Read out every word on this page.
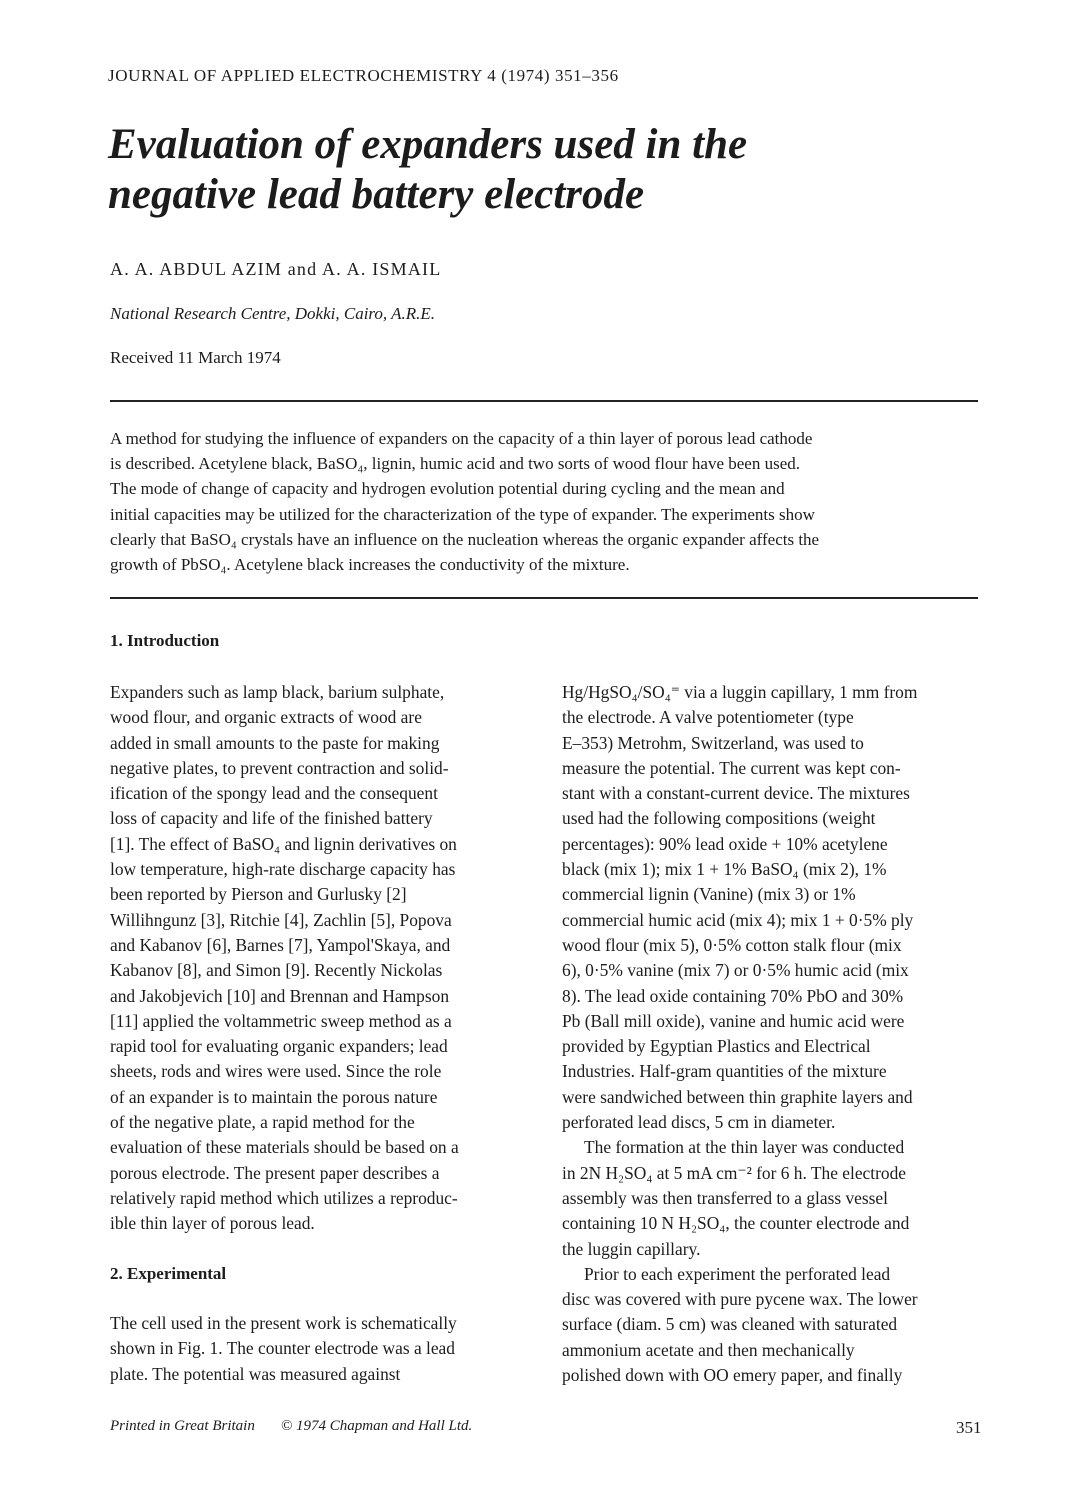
JOURNAL OF APPLIED ELECTROCHEMISTRY 4 (1974) 351–356
Evaluation of expanders used in the
negative lead battery electrode
A. A. ABDUL AZIM and A. A. ISMAIL
National Research Centre, Dokki, Cairo, A.R.E.
Received 11 March 1974
A method for studying the influence of expanders on the capacity of a thin layer of porous lead cathode
is described. Acetylene black, BaSO₄, lignin, humic acid and two sorts of wood flour have been used.
The mode of change of capacity and hydrogen evolution potential during cycling and the mean and
initial capacities may be utilized for the characterization of the type of expander. The experiments show
clearly that BaSO₄ crystals have an influence on the nucleation whereas the organic expander affects the
growth of PbSO₄. Acetylene black increases the conductivity of the mixture.
1. Introduction
Expanders such as lamp black, barium sulphate,
wood flour, and organic extracts of wood are
added in small amounts to the paste for making
negative plates, to prevent contraction and solid-
ification of the spongy lead and the consequent
loss of capacity and life of the finished battery
[1]. The effect of BaSO₄ and lignin derivatives on
low temperature, high-rate discharge capacity has
been reported by Pierson and Gurlusky [2]
Willihngunz [3], Ritchie [4], Zachlin [5], Popova
and Kabanov [6], Barnes [7], Yampol'Skaya, and
Kabanov [8], and Simon [9]. Recently Nickolas
and Jakobjevich [10] and Brennan and Hampson
[11] applied the voltammetric sweep method as a
rapid tool for evaluating organic expanders; lead
sheets, rods and wires were used. Since the role
of an expander is to maintain the porous nature
of the negative plate, a rapid method for the
evaluation of these materials should be based on a
porous electrode. The present paper describes a
relatively rapid method which utilizes a reproduc-
ible thin layer of porous lead.
2. Experimental
The cell used in the present work is schematically
shown in Fig. 1. The counter electrode was a lead
plate. The potential was measured against
Hg/HgSO₄/SO₄⁼ via a luggin capillary, 1 mm from
the electrode. A valve potentiometer (type
E–353) Metrohm, Switzerland, was used to
measure the potential. The current was kept con-
stant with a constant-current device. The mixtures
used had the following compositions (weight
percentages): 90% lead oxide + 10% acetylene
black (mix 1); mix 1 + 1% BaSO₄ (mix 2), 1%
commercial lignin (Vanine) (mix 3) or 1%
commercial humic acid (mix 4); mix 1 + 0·5% ply
wood flour (mix 5), 0·5% cotton stalk flour (mix
6), 0·5% vanine (mix 7) or 0·5% humic acid (mix
8). The lead oxide containing 70% PbO and 30%
Pb (Ball mill oxide), vanine and humic acid were
provided by Egyptian Plastics and Electrical
Industries. Half-gram quantities of the mixture
were sandwiched between thin graphite layers and
perforated lead discs, 5 cm in diameter.
The formation at the thin layer was conducted
in 2N H₂SO₄ at 5 mA cm⁻² for 6 h. The electrode
assembly was then transferred to a glass vessel
containing 10 N H₂SO₄, the counter electrode and
the luggin capillary.
Prior to each experiment the perforated lead
disc was covered with pure pycene wax. The lower
surface (diam. 5 cm) was cleaned with saturated
ammonium acetate and then mechanically
polished down with OO emery paper, and finally
Printed in Great Britain © 1974 Chapman and Hall Ltd.	351
